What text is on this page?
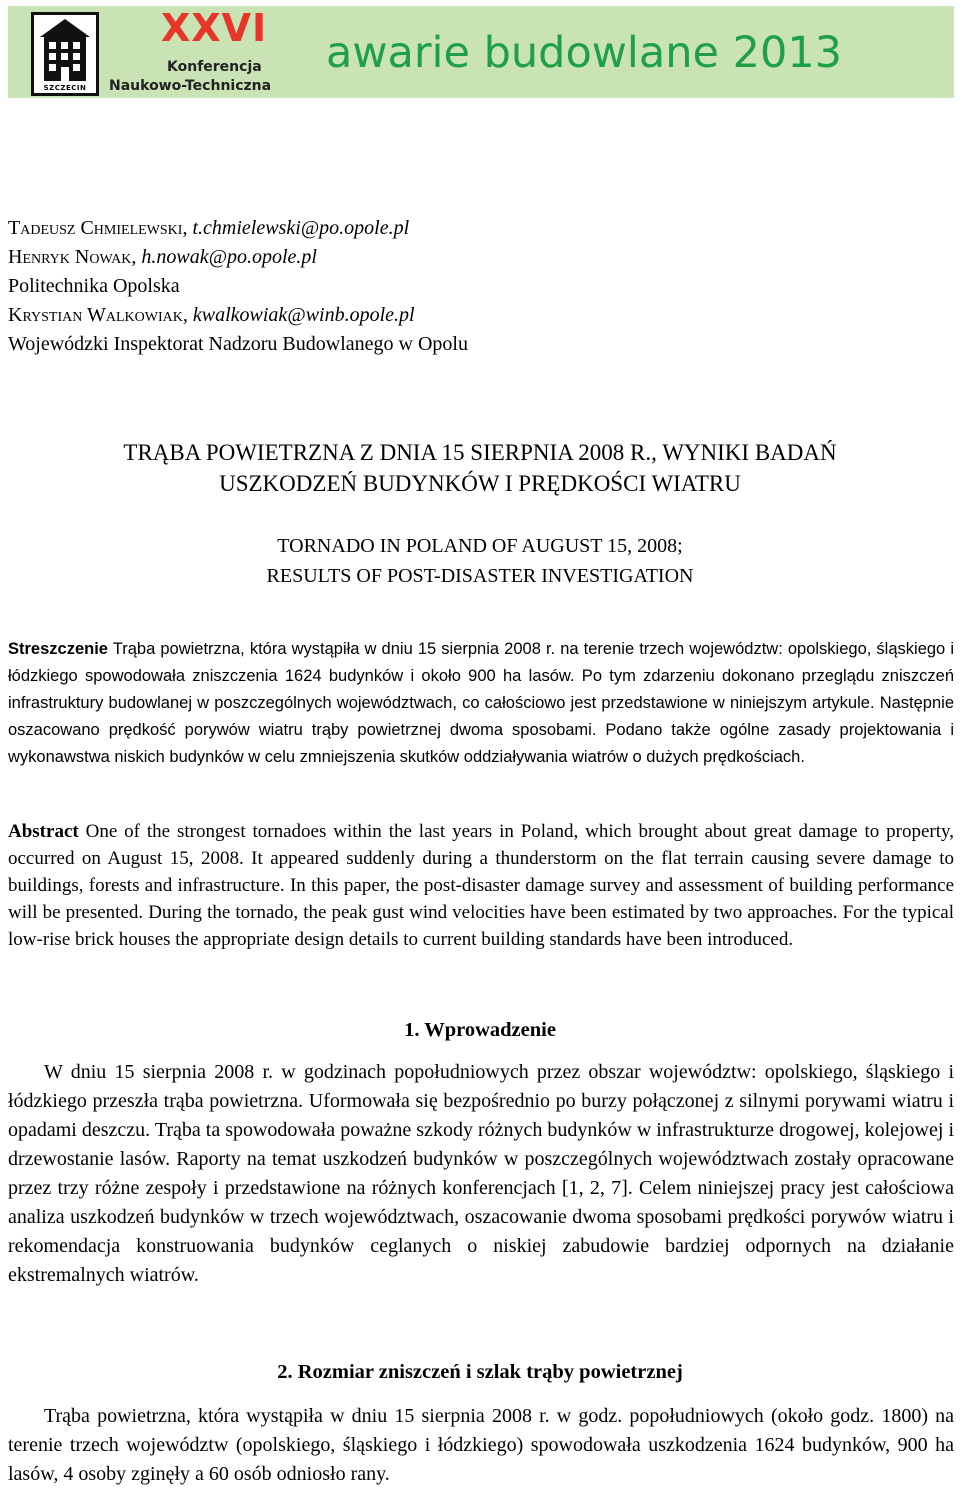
SZCZECIN
XXVI
Konferencja
Naukowo-Techniczna
awarie budowlane 2013
Tadeusz Chmielewski, t.chmielewski@po.opole.pl
Henryk Nowak, h.nowak@po.opole.pl
Politechnika Opolska
Krystian Walkowiak, kwalkowiak@winb.opole.pl
Wojewódzki Inspektorat Nadzoru Budowlanego w Opolu
TRĄBA POWIETRZNA Z DNIA 15 SIERPNIA 2008 R., WYNIKI BADAŃ
USZKODZEŃ BUDYNKÓW I PRĘDKOŚCI WIATRU
TORNADO IN POLAND OF AUGUST 15, 2008;
RESULTS OF POST-DISASTER INVESTIGATION

Streszczenie Trąba powietrzna, która wystąpiła w dniu 15 sierpnia 2008 r. na terenie trzech województw: opolskiego, śląskiego i łódzkiego spowodowała zniszczenia 1624 budynków i około 900 ha lasów. Po tym zdarzeniu dokonano przeglądu zniszczeń infrastruktury budowlanej w poszczególnych województwach, co całościowo jest przedstawione w niniejszym artykule. Następnie oszacowano prędkość porywów wiatru trąby powietrznej dwoma sposobami. Podano także ogólne zasady projektowania i wykonawstwa niskich budynków w celu zmniejszenia skutków oddziaływania wiatrów o dużych prędkościach.

Abstract One of the strongest tornadoes within the last years in Poland, which brought about great damage to property, occurred on August 15, 2008. It appeared suddenly during a thunderstorm on the flat terrain causing severe damage to buildings, forests and infrastructure. In this paper, the post-disaster damage survey and assessment of building performance will be presented. During the tornado, the peak gust wind velocities have been estimated by two approaches. For the typical low-rise brick houses the appropriate design details to current building standards have been introduced.

1. Wprowadzenie

W dniu 15 sierpnia 2008 r. w godzinach popołudniowych przez obszar województw: opolskiego, śląskiego i łódzkiego przeszła trąba powietrzna. Uformowała się bezpośrednio po burzy połączonej z silnymi porywami wiatru i opadami deszczu. Trąba ta spowodowała poważne szkody różnych budynków w infrastrukturze drogowej, kolejowej i drzewostanie lasów. Raporty na temat uszkodzeń budynków w poszczególnych województwach zostały opracowane przez trzy różne zespoły i przedstawione na różnych konferencjach [1, 2, 7]. Celem niniejszej pracy jest całościowa analiza uszkodzeń budynków w trzech województwach, oszacowanie dwoma sposobami prędkości porywów wiatru i rekomendacja konstruowania budynków ceglanych o niskiej zabudowie bardziej odpornych na działanie ekstremalnych wiatrów.

2. Rozmiar zniszczeń i szlak trąby powietrznej

Trąba powietrzna, która wystąpiła w dniu 15 sierpnia 2008 r. w godz. popołudniowych (około godz. 1800) na terenie trzech województw (opolskiego, śląskiego i łódzkiego) spowodowała uszkodzenia 1624 budynków, 900 ha lasów, 4 osoby zginęły a 60 osób odniosło rany.
